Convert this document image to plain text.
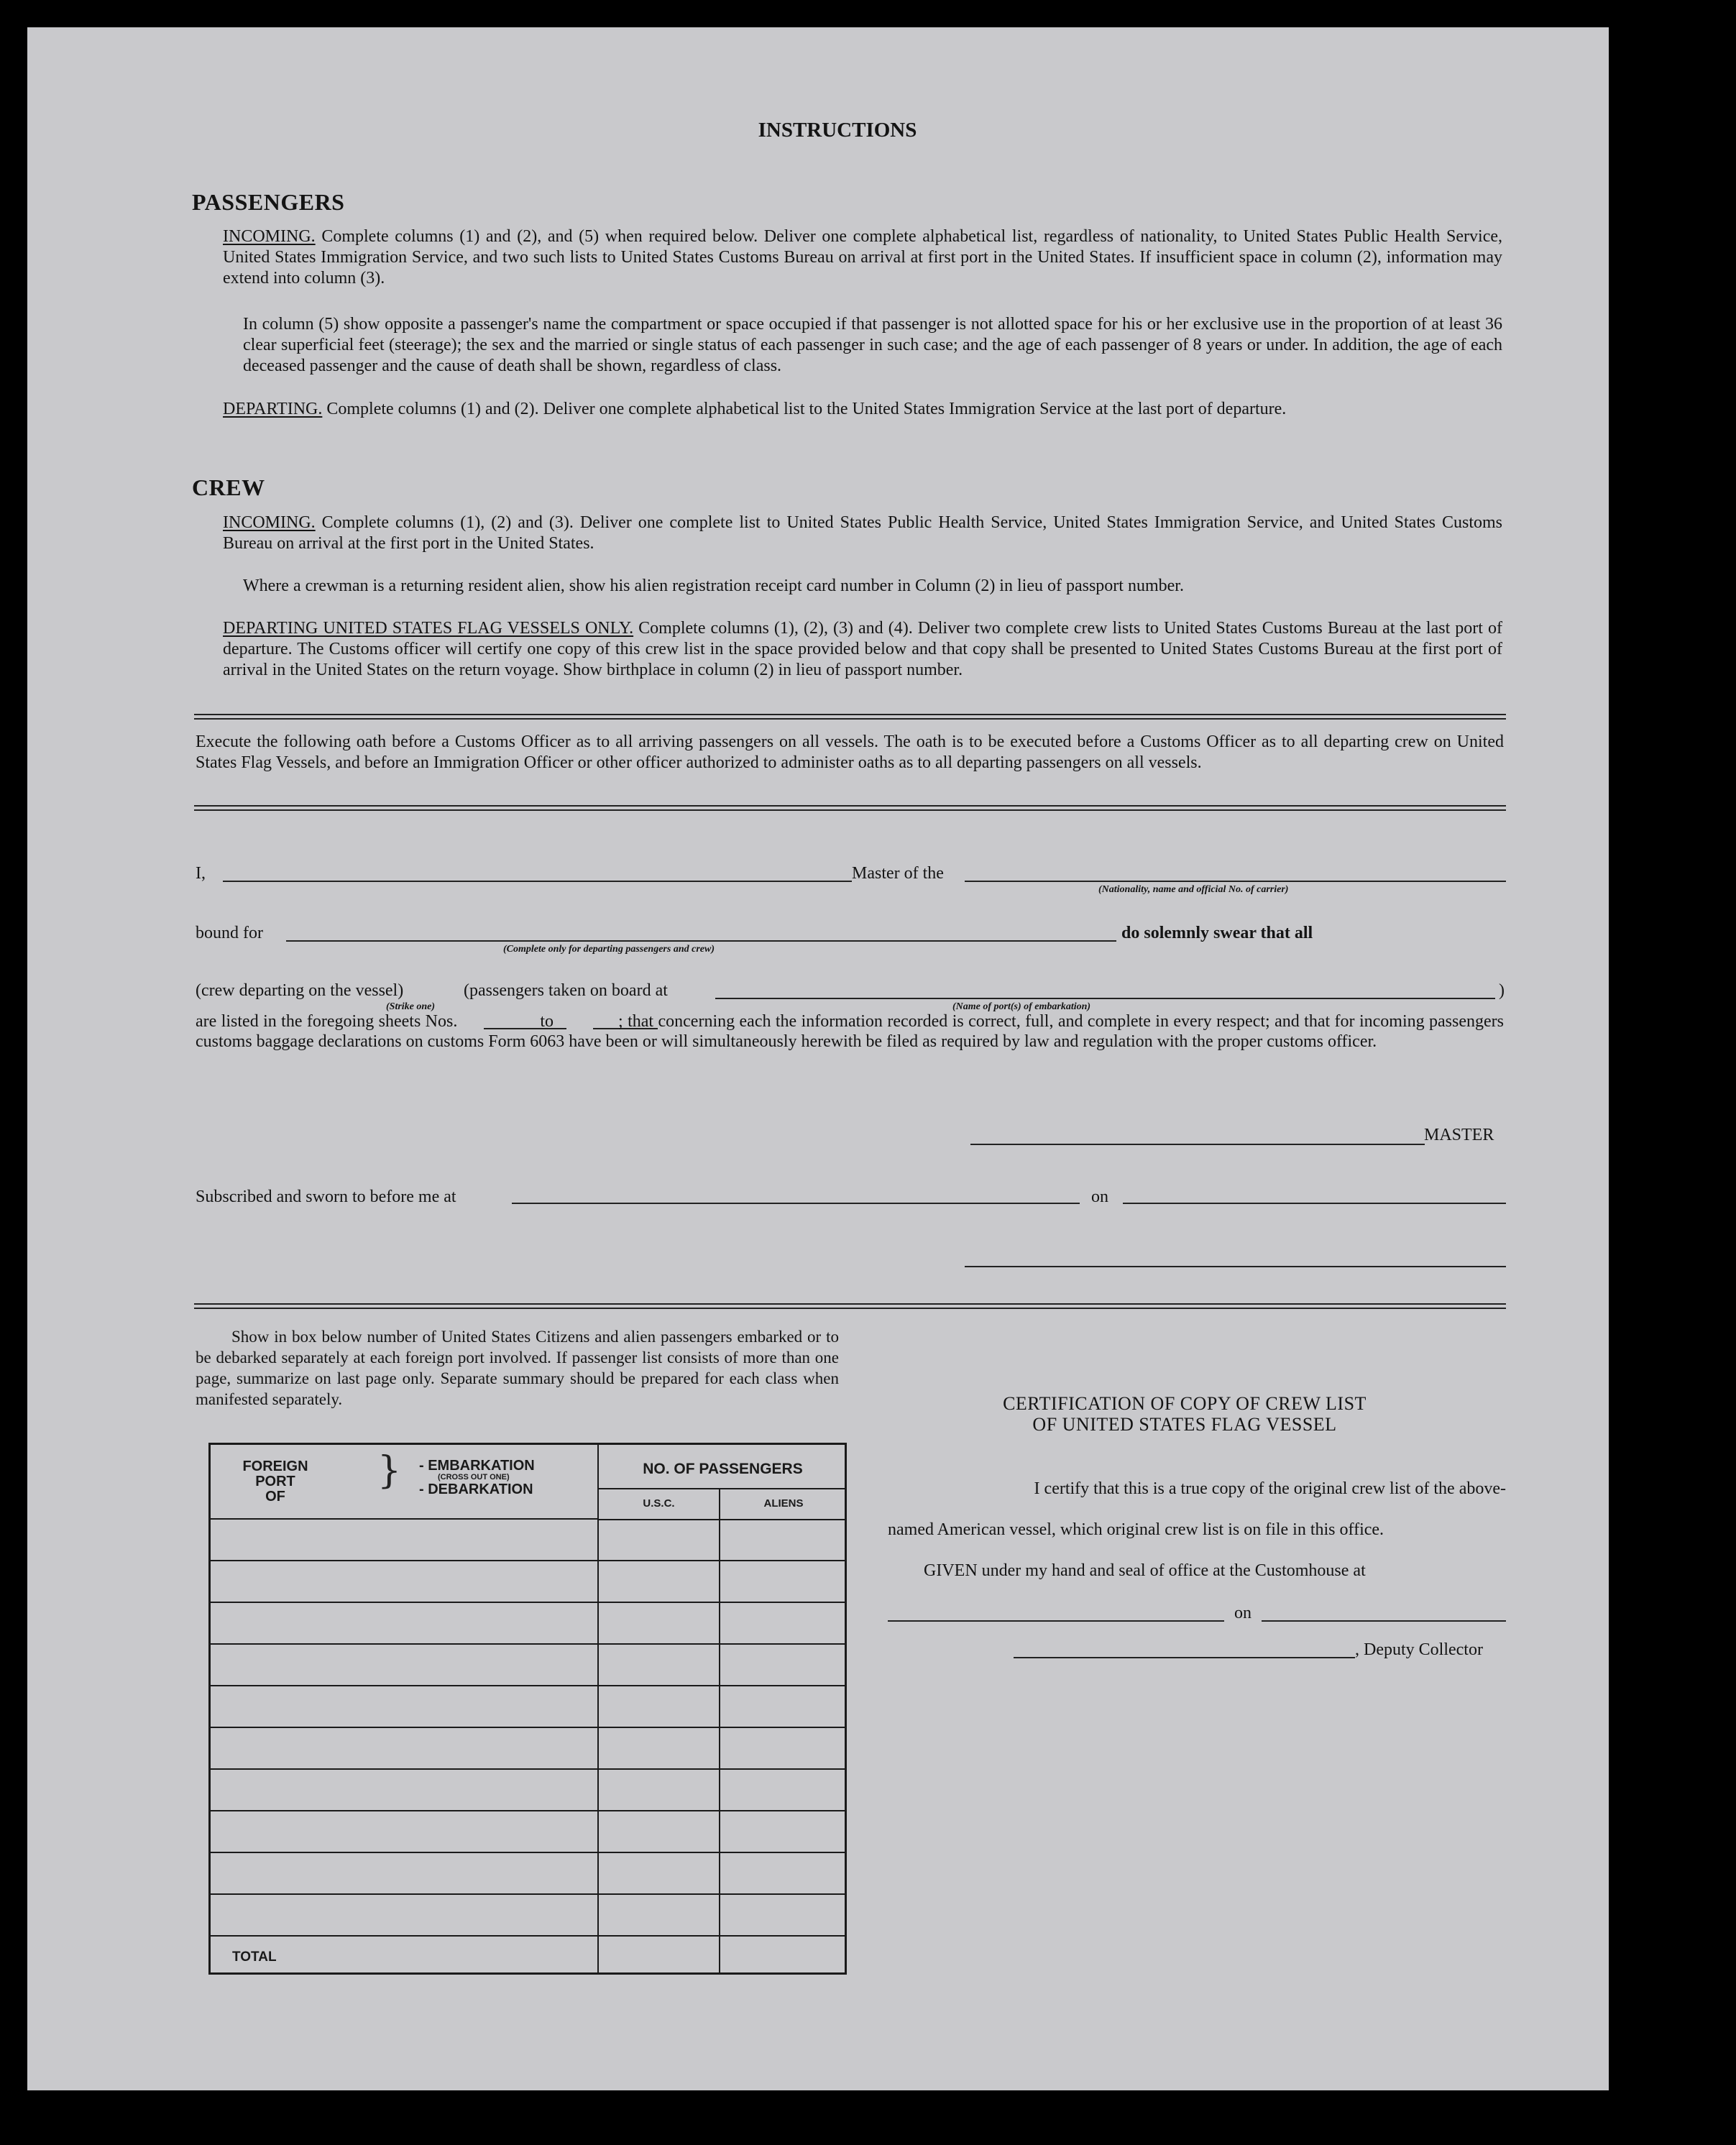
INSTRUCTIONS
PASSENGERS
INCOMING. Complete columns (1) and (2), and (5) when required below. Deliver one complete alphabetical list, regardless of nationality, to United States Public Health Service, United States Immigration Service, and two such lists to United States Customs Bureau on arrival at first port in the United States. If insufficient space in column (2), information may extend into column (3).
In column (5) show opposite a passenger's name the compartment or space occupied if that passenger is not allotted space for his or her exclusive use in the proportion of at least 36 clear superficial feet (steerage); the sex and the married or single status of each passenger in such case; and the age of each passenger of 8 years or under. In addition, the age of each deceased passenger and the cause of death shall be shown, regardless of class.
DEPARTING. Complete columns (1) and (2). Deliver one complete alphabetical list to the United States Immigration Service at the last port of departure.
CREW
INCOMING. Complete columns (1), (2) and (3). Deliver one complete list to United States Public Health Service, United States Immigration Service, and United States Customs Bureau on arrival at the first port in the United States.
Where a crewman is a returning resident alien, show his alien registration receipt card number in Column (2) in lieu of passport number.
DEPARTING UNITED STATES FLAG VESSELS ONLY. Complete columns (1), (2), (3) and (4). Deliver two complete crew lists to United States Customs Bureau at the last port of departure. The Customs officer will certify one copy of this crew list in the space provided below and that copy shall be presented to United States Customs Bureau at the first port of arrival in the United States on the return voyage. Show birthplace in column (2) in lieu of passport number.
Execute the following oath before a Customs Officer as to all arriving passengers on all vessels. The oath is to be executed before a Customs Officer as to all departing crew on United States Flag Vessels, and before an Immigration Officer or other officer authorized to administer oaths as to all departing passengers on all vessels.
I,	Master of the
(Nationality, name and official No. of carrier)
bound for
(Complete only for departing passengers and crew)
do solemnly swear that all
(crew departing on the vessel)
(Strike one)
(passengers taken on board at
(Name of port(s) of embarkation)
)
are listed in the foregoing sheets Nos.	to	; that concerning each the information recorded is correct, full, and complete in every respect; and that for incoming passengers customs baggage declarations on customs Form 6063 have been or will simultaneously herewith be filed as required by law and regulation with the proper customs officer.
MASTER
Subscribed and sworn to before me at	on
Show in box below number of United States Citizens and alien passengers embarked or to be debarked separately at each foreign port involved. If passenger list consists of more than one page, summarize on last page only. Separate summary should be prepared for each class when manifested separately.
FOREIGN
PORT
OF
} - EMBARKATION
(CROSS OUT ONE)
- DEBARKATION
NO. OF PASSENGERS
U.S.C.	ALIENS
TOTAL
CERTIFICATION OF COPY OF CREW LIST
OF UNITED STATES FLAG VESSEL
I certify that this is a true copy of the original crew list of the above-
named American vessel, which original crew list is on file in this office.
GIVEN under my hand and seal of office at the Customhouse at
on
, Deputy Collector
